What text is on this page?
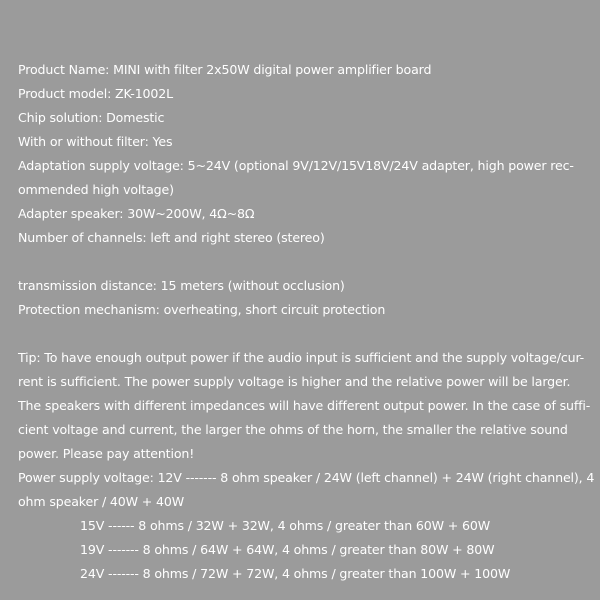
Product Name: MINI with filter 2x50W digital power amplifier board
Product model: ZK-1002L
Chip solution: Domestic
With or without filter: Yes
Adaptation supply voltage: 5~24V (optional 9V/12V/15V18V/24V adapter, high power rec-
ommended high voltage)
Adapter speaker: 30W~200W, 4Ω~8Ω
Number of channels: left and right stereo (stereo)
transmission distance: 15 meters (without occlusion)
Protection mechanism: overheating, short circuit protection
Tip: To have enough output power if the audio input is sufficient and the supply voltage/cur-
rent is sufficient. The power supply voltage is higher and the relative power will be larger.
The speakers with different impedances will have different output power. In the case of suffi-
cient voltage and current, the larger the ohms of the horn, the smaller the relative sound
power. Please pay attention!
Power supply voltage: 12V ------- 8 ohm speaker / 24W (left channel) + 24W (right channel), 4
ohm speaker / 40W + 40W
15V ------ 8 ohms / 32W + 32W, 4 ohms / greater than 60W + 60W
19V ------- 8 ohms / 64W + 64W, 4 ohms / greater than 80W + 80W
24V ------- 8 ohms / 72W + 72W, 4 ohms / greater than 100W + 100W
